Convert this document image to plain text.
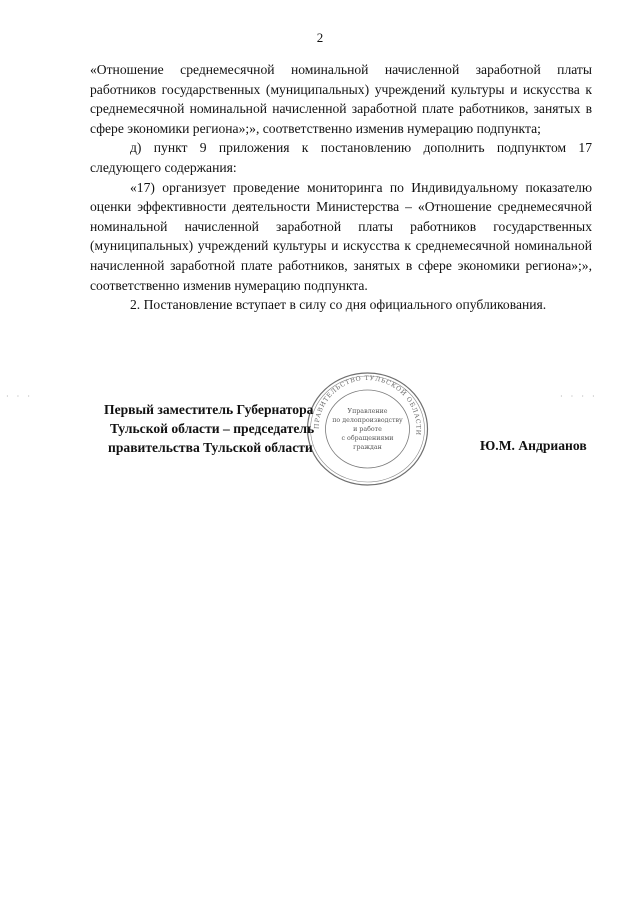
2

«Отношение среднемесячной номинальной начисленной заработной платы работников государственных (муниципальных) учреждений культуры и искусства к среднемесячной номинальной начисленной заработной плате работников, занятых в сфере экономики региона»;», соответственно изменив нумерацию подпункта;

д) пункт 9 приложения к постановлению дополнить подпунктом 17 следующего содержания:

«17) организует проведение мониторинга по Индивидуальному показателю оценки эффективности деятельности Министерства – «Отношение среднемесячной номинальной начисленной заработной платы работников государственных (муниципальных) учреждений культуры и искусства к среднемесячной номинальной начисленной заработной плате работников, занятых в сфере экономики региона»;», соответственно изменив нумерацию подпункта.

2. Постановление вступает в силу со дня официального опубликования.

· · ·	· · · ·
ПРАВИТЕЛЬСТВО ТУЛЬСКОЙ ОБЛАСТИ
Управление
по делопроизводству
и работе
с обращениями
граждан
Первый заместитель Губернатора
Тульской области – председатель
правительства Тульской области	Ю.М. Андрианов
